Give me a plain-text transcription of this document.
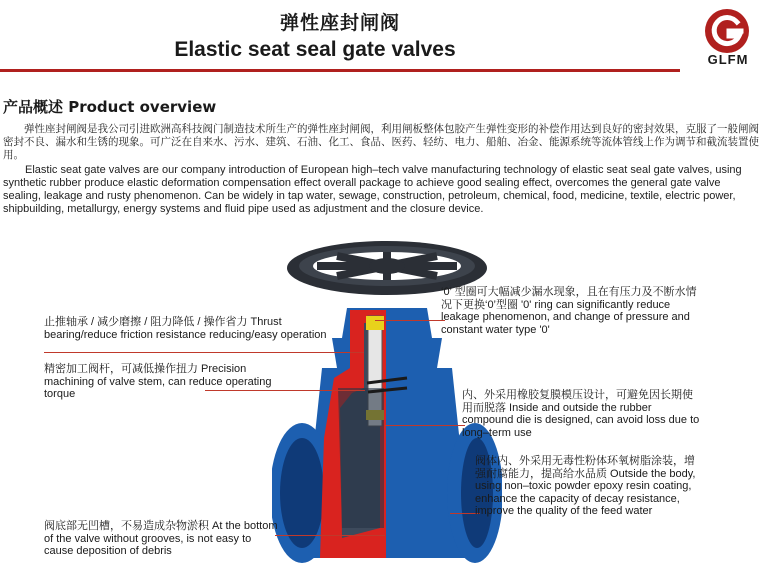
弹性座封闸阀
Elastic seat seal gate valves	GLFM
产品概述 Product overview
　　弹性座封闸阀是我公司引进欧洲高科技阀门制造技术所生产的弹性座封闸阀，利用闸板整体包胶产生弹性变形的补偿作用达到良好的密封效果，克服了一般闸阀密封不良、漏水和生锈的现象。可广泛在自来水、污水、建筑、石油、化工、食品、医药、轻纺、电力、船舶、冶金、能源系统等流体管线上作为调节和截流装置使用。
　　Elastic seat gate valves are our company introduction of European high–tech valve manufacturing technology of elastic seat seal gate valves, using synthetic rubber produce elastic deformation compensation effect overall package to achieve good sealing effect, overcomes the general gate valve sealing, leakage and rusty phenomenon. Can be widely in tap water, sewage, construction, petroleum, chemical, food, medicine, textile, electric power, shipbuilding, metallurgy, energy systems and fluid pipe used as adjustment and the closure device.
止推轴承 / 减少磨擦 / 阻力降低 / 操作省力 Thrust bearing/reduce friction resistance reducing/easy operation
精密加工阀杆，可减低操作扭力 Precision machining of valve stem, can reduce operating torque
阀底部无凹槽，不易造成杂物淤积 At the bottom of the valve without grooves, is not easy to cause deposition of debris
‘0’ 型圈可大幅减少漏水现象，且在有压力及不断水情况下更换‘0’型圈 '0' ring can significantly reduce leakage phenomenon, and change of pressure and constant water type '0'
内、外采用橡胶复膜模压设计，可避免因长期使用而脱落 Inside and outside the rubber compound die is designed, can avoid loss due to long–term use
阀体内、外采用无毒性粉体环氧树脂涂装，增强耐腐能力，提高给水品质 Outside the body, using non–toxic powder epoxy resin coating, enhance the capacity of decay resistance, improve the quality of the feed water
